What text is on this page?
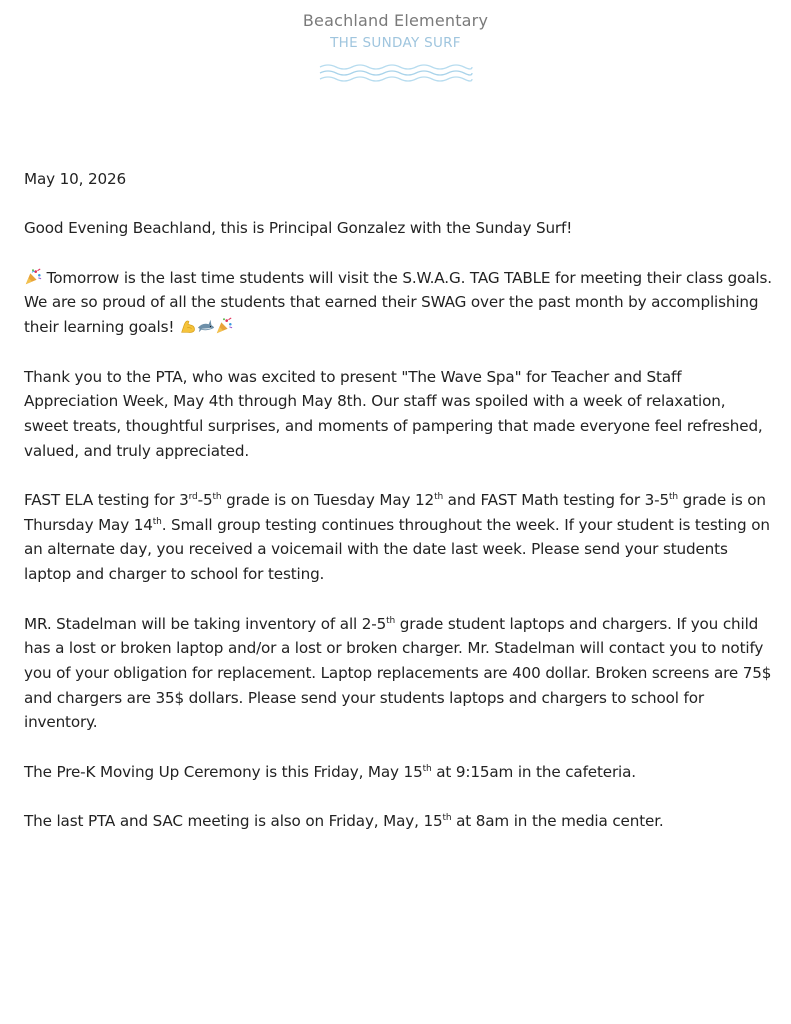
Beachland Elementary
THE SUNDAY SURF

May 10, 2026

Good Evening Beachland, this is Principal Gonzalez with the Sunday Surf!

Tomorrow is the last time students will visit the S.W.A.G. TAG TABLE for meeting their class goals. We are so proud of all the students that earned their SWAG over the past month by accomplishing their learning goals!

Thank you to the PTA, who was excited to present "The Wave Spa" for Teacher and Staff Appreciation Week, May 4th through May 8th. Our staff was spoiled with a week of relaxation, sweet treats, thoughtful surprises, and moments of pampering that made everyone feel refreshed, valued, and truly appreciated.

FAST ELA testing for 3rd-5th grade is on Tuesday May 12th and FAST Math testing for 3-5th grade is on Thursday May 14th. Small group testing continues throughout the week. If your student is testing on an alternate day, you received a voicemail with the date last week. Please send your students laptop and charger to school for testing.

MR. Stadelman will be taking inventory of all 2-5th grade student laptops and chargers. If you child has a lost or broken laptop and/or a lost or broken charger. Mr. Stadelman will contact you to notify you of your obligation for replacement. Laptop replacements are 400 dollar. Broken screens are 75$ and chargers are 35$ dollars. Please send your students laptops and chargers to school for inventory.

The Pre-K Moving Up Ceremony is this Friday, May 15th at 9:15am in the cafeteria.

The last PTA and SAC meeting is also on Friday, May, 15th at 8am in the media center.
